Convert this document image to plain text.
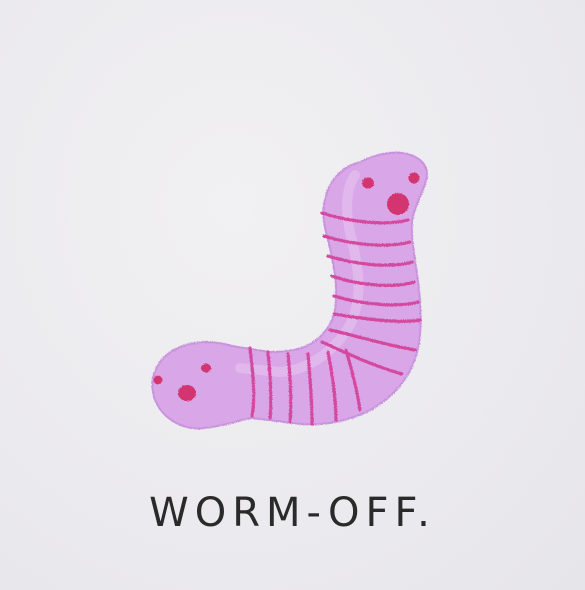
WORM-OFF.
